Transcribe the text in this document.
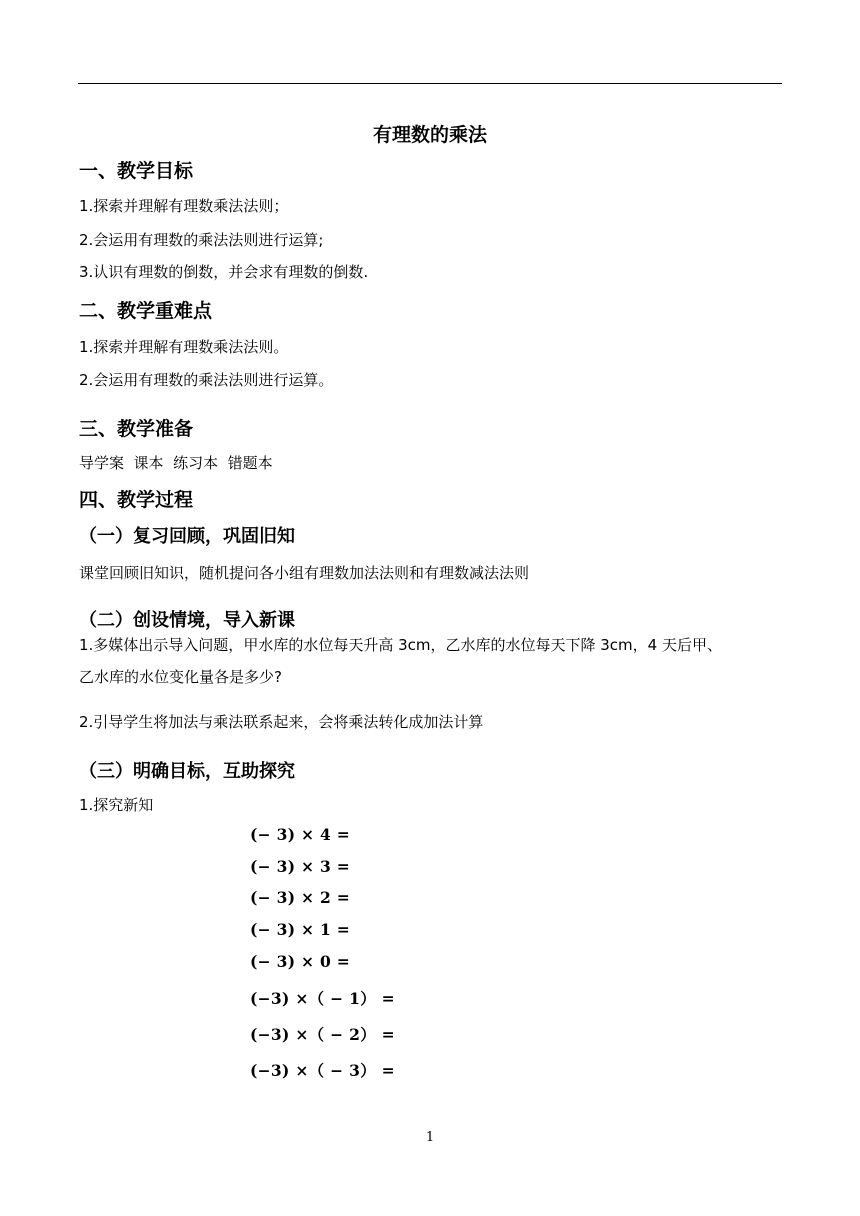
有理数的乘法
一、教学目标
1.探索并理解有理数乘法法则；
2.会运用有理数的乘法法则进行运算;
3.认识有理数的倒数，并会求有理数的倒数.
二、教学重难点
1.探索并理解有理数乘法法则。
2.会运用有理数的乘法法则进行运算。
三、教学准备
导学案  课本  练习本  错题本
四、教学过程
（一）复习回顾，巩固旧知
课堂回顾旧知识，随机提问各小组有理数加法法则和有理数减法法则
（二）创设情境，导入新课
1.多媒体出示导入问题，甲水库的水位每天升高 3cm，乙水库的水位每天下降 3cm，4 天后甲、
乙水库的水位变化量各是多少?
2.引导学生将加法与乘法联系起来，会将乘法转化成加法计算
（三）明确目标，互助探究
1.探究新知
(− 3) × 4 =
(− 3) × 3 =
(− 3) × 2 =
(− 3) × 1 =
(− 3) × 0 =
(−3) ×（ − 1） =
(−3) ×（ − 2） =
(−3) ×（ − 3） =
1
